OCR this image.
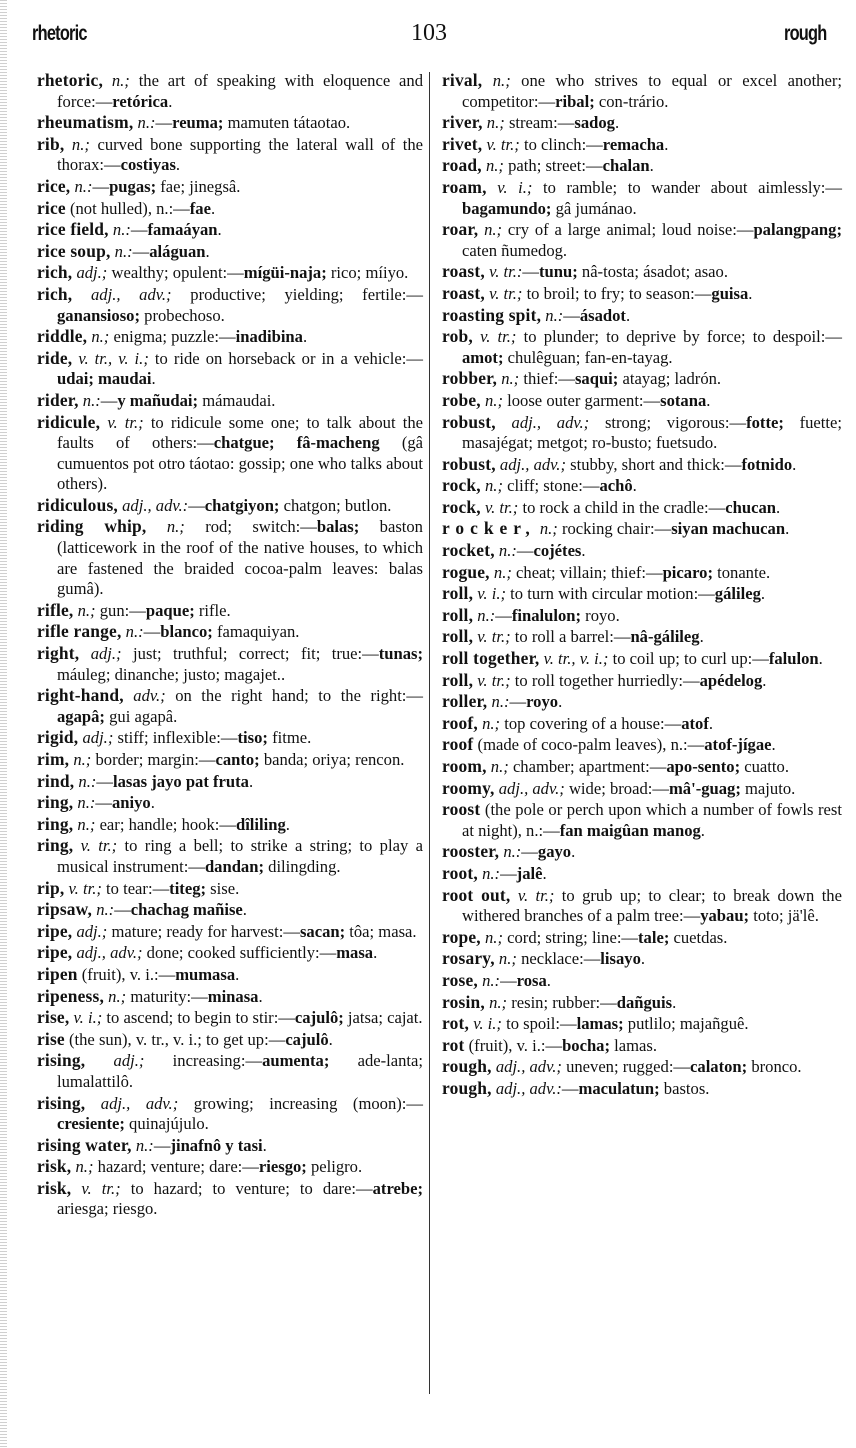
rhetoric	103	rough

rhetoric, n.; the art of speaking with eloquence and force:—retórica.

rheumatism, n.:—reuma; mamuten tátaotao.

rib, n.; curved bone supporting the lateral wall of the thorax:—costiyas.

rice, n.:—pugas; fae; jinegsâ.

rice (not hulled), n.:—fae.

rice field, n.:—famaáyan.

rice soup, n.:—aláguan.

rich, adj.; wealthy; opulent:—mígüi-naja; rico; míiyo.

rich, adj., adv.; productive; yielding; fertile:—ganansioso; probechoso.

riddle, n.; enigma; puzzle:—inadibina.

ride, v. tr., v. i.; to ride on horseback or in a vehicle:—udai; maudai.

rider, n.:—y mañudai; mámaudai.

ridicule, v. tr.; to ridicule some one; to talk about the faults of others:—chatgue; fâ-macheng (gâ cumuentos pot otro táotao: gossip; one who talks about others).

ridiculous, adj., adv.:—chatgiyon; chatgon; butlon.

riding whip, n.; rod; switch:—balas; baston (latticework in the roof of the native houses, to which are fastened the braided cocoa-palm leaves: balas gumâ).

rifle, n.; gun:—paque; rifle.

rifle range, n.:—blanco; famaquiyan.

right, adj.; just; truthful; correct; fit; true:—tunas; máuleg; dinanche; justo; magajet..

right-hand, adv.; on the right hand; to the right:—agapâ; gui agapâ.

rigid, adj.; stiff; inflexible:—tiso; fitme.

rim, n.; border; margin:—canto; banda; oriya; rencon.

rind, n.:—lasas jayo pat fruta.

ring, n.:—aniyo.

ring, n.; ear; handle; hook:—dîliling.

ring, v. tr.; to ring a bell; to strike a string; to play a musical instrument:—dandan; dilingding.

rip, v. tr.; to tear:—titeg; sise.

ripsaw, n.:—chachag mañise.

ripe, adj.; mature; ready for harvest:—sacan; tôa; masa.

ripe, adj., adv.; done; cooked sufficiently:—masa.

ripen (fruit), v. i.:—mumasa.

ripeness, n.; maturity:—minasa.

rise, v. i.; to ascend; to begin to stir:—cajulô; jatsa; cajat.

rise (the sun), v. tr., v. i.; to get up:—cajulô.

rising, adj.; increasing:—aumenta; ade-lanta; lumalattilô.

rising, adj., adv.; growing; increasing (moon):—cresiente; quinajújulo.

rising water, n.:—jinafnô y tasi.

risk, n.; hazard; venture; dare:—riesgo; peligro.

risk, v. tr.; to hazard; to venture; to dare:—atrebe; ariesga; riesgo.

rival, n.; one who strives to equal or excel another; competitor:—ribal; con-trário.

river, n.; stream:—sadog.

rivet, v. tr.; to clinch:—remacha.

road, n.; path; street:—chalan.

roam, v. i.; to ramble; to wander about aimlessly:—bagamundo; gâ jumánao.

roar, n.; cry of a large animal; loud noise:—palangpang; caten ñumedog.

roast, v. tr.:—tunu; nâ-tosta; ásadot; asao.

roast, v. tr.; to broil; to fry; to season:—guisa.

roasting spit, n.:—ásadot.

rob, v. tr.; to plunder; to deprive by force; to despoil:—amot; chulêguan; fan-en-tayag.

robber, n.; thief:—saqui; atayag; ladrón.

robe, n.; loose outer garment:—sotana.

robust, adj., adv.; strong; vigorous:—fotte; fuette; masajégat; metgot; ro-busto; fuetsudo.

robust, adj., adv.; stubby, short and thick:—fotnido.

rock, n.; cliff; stone:—achô.

rock, v. tr.; to rock a child in the cradle:—chucan.

rocker, n.; rocking chair:—siyan machucan.

rocket, n.:—cojétes.

rogue, n.; cheat; villain; thief:—picaro; tonante.

roll, v. i.; to turn with circular motion:—gálileg.

roll, n.:—finalulon; royo.

roll, v. tr.; to roll a barrel:—nâ-gálileg.

roll together, v. tr., v. i.; to coil up; to curl up:—falulon.

roll, v. tr.; to roll together hurriedly:—apédelog.

roller, n.:—royo.

roof, n.; top covering of a house:—atof.

roof (made of coco-palm leaves), n.:—atof-jígae.

room, n.; chamber; apartment:—apo-sento; cuatto.

roomy, adj., adv.; wide; broad:—mâ'-guag; majuto.

roost (the pole or perch upon which a number of fowls rest at night), n.:—fan maigûan manog.

rooster, n.:—gayo.

root, n.:—jalê.

root out, v. tr.; to grub up; to clear; to break down the withered branches of a palm tree:—yabau; toto; jä'lê.

rope, n.; cord; string; line:—tale; cuetdas.

rosary, n.; necklace:—lisayo.

rose, n.:—rosa.

rosin, n.; resin; rubber:—dañguis.

rot, v. i.; to spoil:—lamas; putlilo; majañguê.

rot (fruit), v. i.:—bocha; lamas.

rough, adj., adv.; uneven; rugged:—calaton; bronco.

rough, adj., adv.:—maculatun; bastos.
